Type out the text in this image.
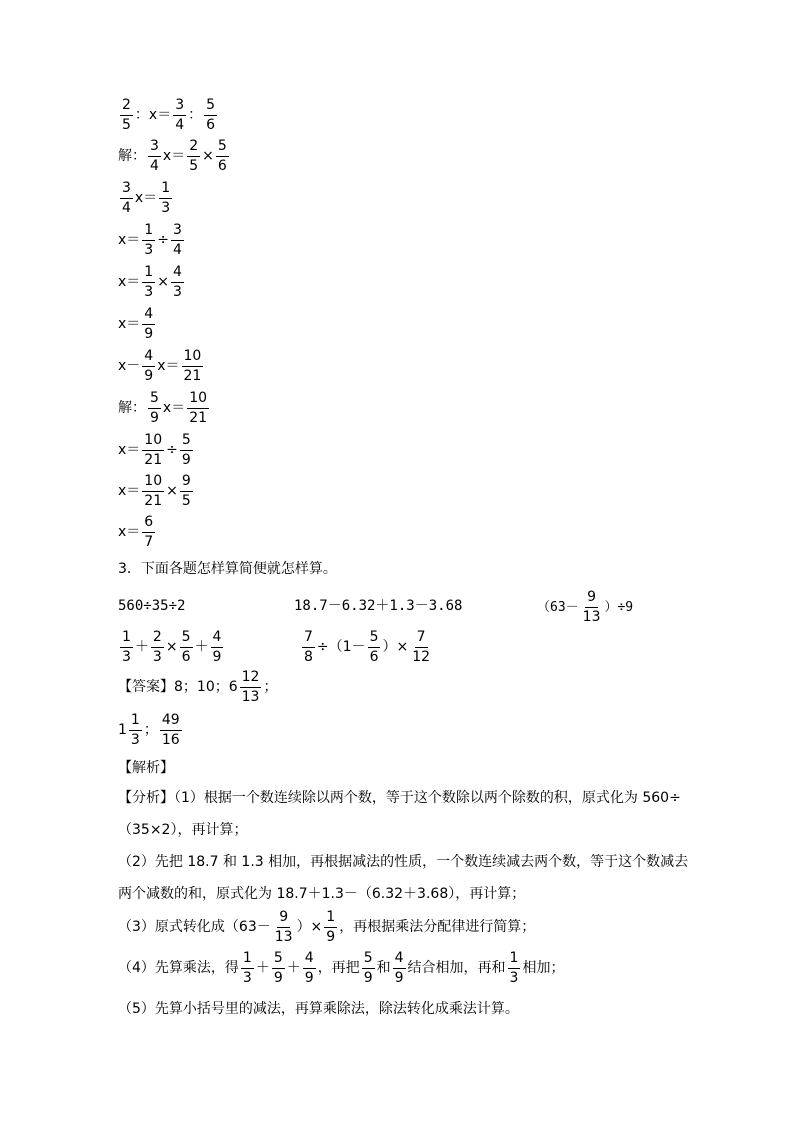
$\frac{2}{5}$ ：$x= \frac{3}{4}$ ： $\frac{5}{6}$
解： $\frac{3}{4} x= \frac{2}{5} \times \frac{5}{6}$
$\frac{3}{4} x= \frac{1}{3}$
$x= \frac{1}{3} \div \frac{3}{4}$
$x= \frac{1}{3} \times \frac{4}{3}$
$x= \frac{4}{9}$
$x- \frac{4}{9} x= \frac{10}{21}$
解： $\frac{5}{9} x= \frac{10}{21}$
$x= \frac{10}{21} \div \frac{5}{9}$
$x= \frac{10}{21} \times \frac{9}{5}$
$x= \frac{6}{7}$
3．下面各题怎样算简便就怎样算。
560÷35÷2	18.7－6.32＋1.3－3.68	$(63- \frac{9}{13} )\div 9$
$\frac{1}{3} + \frac{2}{3} \times \frac{5}{6} + \frac{4}{9}$	$\frac{7}{8} \div(1- \frac{5}{6}$ ）× $\frac{7}{12}$
【答案】8；10；$6 \frac{12}{13}$ ；
$1 \frac{1}{3}$ ； $\frac{49}{16}$
【解析】
【分析】（1）根据一个数连续除以两个数，等于这个数除以两个除数的积，原式化为 560÷
（35×2），再计算；
（2）先把 18.7 和 1.3 相加，再根据减法的性质，一个数连续减去两个数，等于这个数减去
两个减数的和，原式化为 18.7＋1.3－（6.32＋3.68），再计算；
（3）原式转化成（$63- \frac{9}{13}$ ）× $\frac{1}{9}$ ，再根据乘法分配律进行简算；
（4）先算乘法，得 $\frac{1}{3} + \frac{5}{9} + \frac{4}{9}$ ，再把 $\frac{5}{9}$ 和 $\frac{4}{9}$ 结合相加，再和 $\frac{1}{3}$ 相加；
（5）先算小括号里的减法，再算乘除法，除法转化成乘法计算。
